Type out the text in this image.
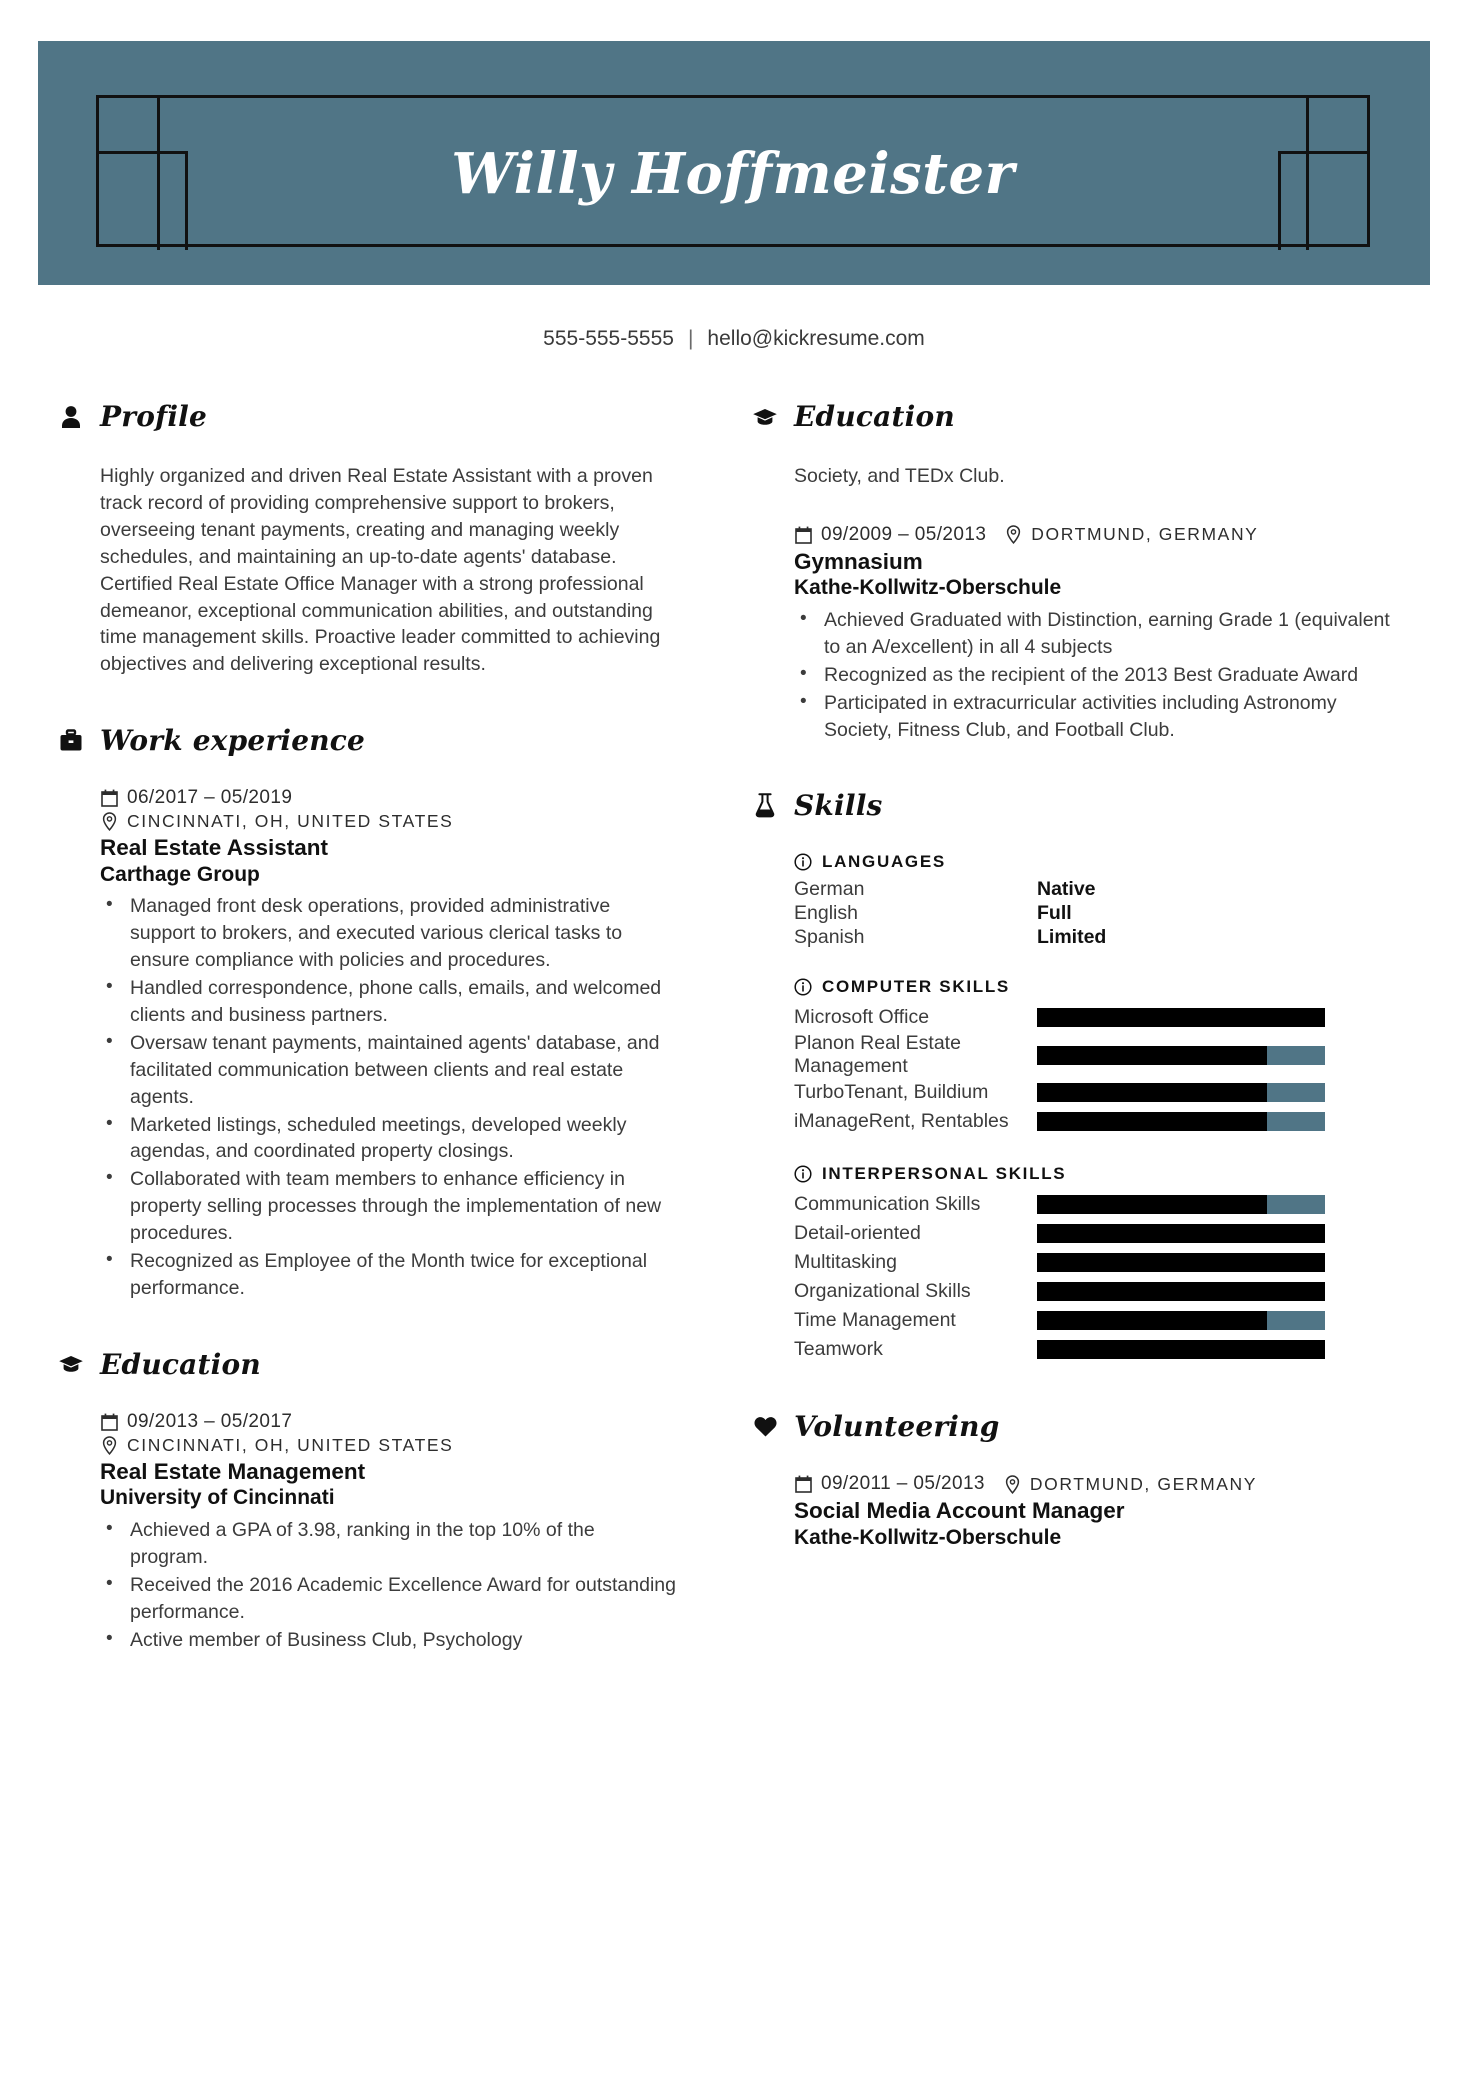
Willy Hoffmeister
555-555-5555 | hello@kickresume.com
Profile

Highly organized and driven Real Estate Assistant with a proven track record of providing comprehensive support to brokers, overseeing tenant payments, creating and managing weekly schedules, and maintaining an up-to-date agents' database. Certified Real Estate Office Manager with a strong professional demeanor, exceptional communication abilities, and outstanding time management skills. Proactive leader committed to achieving objectives and delivering exceptional results.

Work experience
06/2017 – 05/2019
CINCINNATI, OH, UNITED STATES
Real Estate Assistant
Carthage Group
• Managed front desk operations, provided administrative support to brokers, and executed various clerical tasks to ensure compliance with policies and procedures.
• Handled correspondence, phone calls, emails, and welcomed clients and business partners.
• Oversaw tenant payments, maintained agents' database, and facilitated communication between clients and real estate agents.
• Marketed listings, scheduled meetings, developed weekly agendas, and coordinated property closings.
• Collaborated with team members to enhance efficiency in property selling processes through the implementation of new procedures.
• Recognized as Employee of the Month twice for exceptional performance.
Education
09/2013 – 05/2017
CINCINNATI, OH, UNITED STATES
Real Estate Management
University of Cincinnati
• Achieved a GPA of 3.98, ranking in the top 10% of the program.
• Received the 2016 Academic Excellence Award for outstanding performance.
• Active member of Business Club, Psychology
Education

Society, and TEDx Club.

09/2009 – 05/2013	DORTMUND, GERMANY
Gymnasium
Kathe-Kollwitz-Oberschule
• Achieved Graduated with Distinction, earning Grade 1 (equivalent to an A/excellent) in all 4 subjects
• Recognized as the recipient of the 2013 Best Graduate Award
• Participated in extracurricular activities including Astronomy Society, Fitness Club, and Football Club.
Skills
LANGUAGES
German	Native
English	Full
Spanish	Limited
COMPUTER SKILLS
Microsoft Office
Planon Real Estate Management
TurboTenant, Buildium
iManageRent, Rentables
INTERPERSONAL SKILLS
Communication Skills
Detail-oriented
Multitasking
Organizational Skills
Time Management
Teamwork
Volunteering
09/2011 – 05/2013	DORTMUND, GERMANY
Social Media Account Manager
Kathe-Kollwitz-Oberschule
